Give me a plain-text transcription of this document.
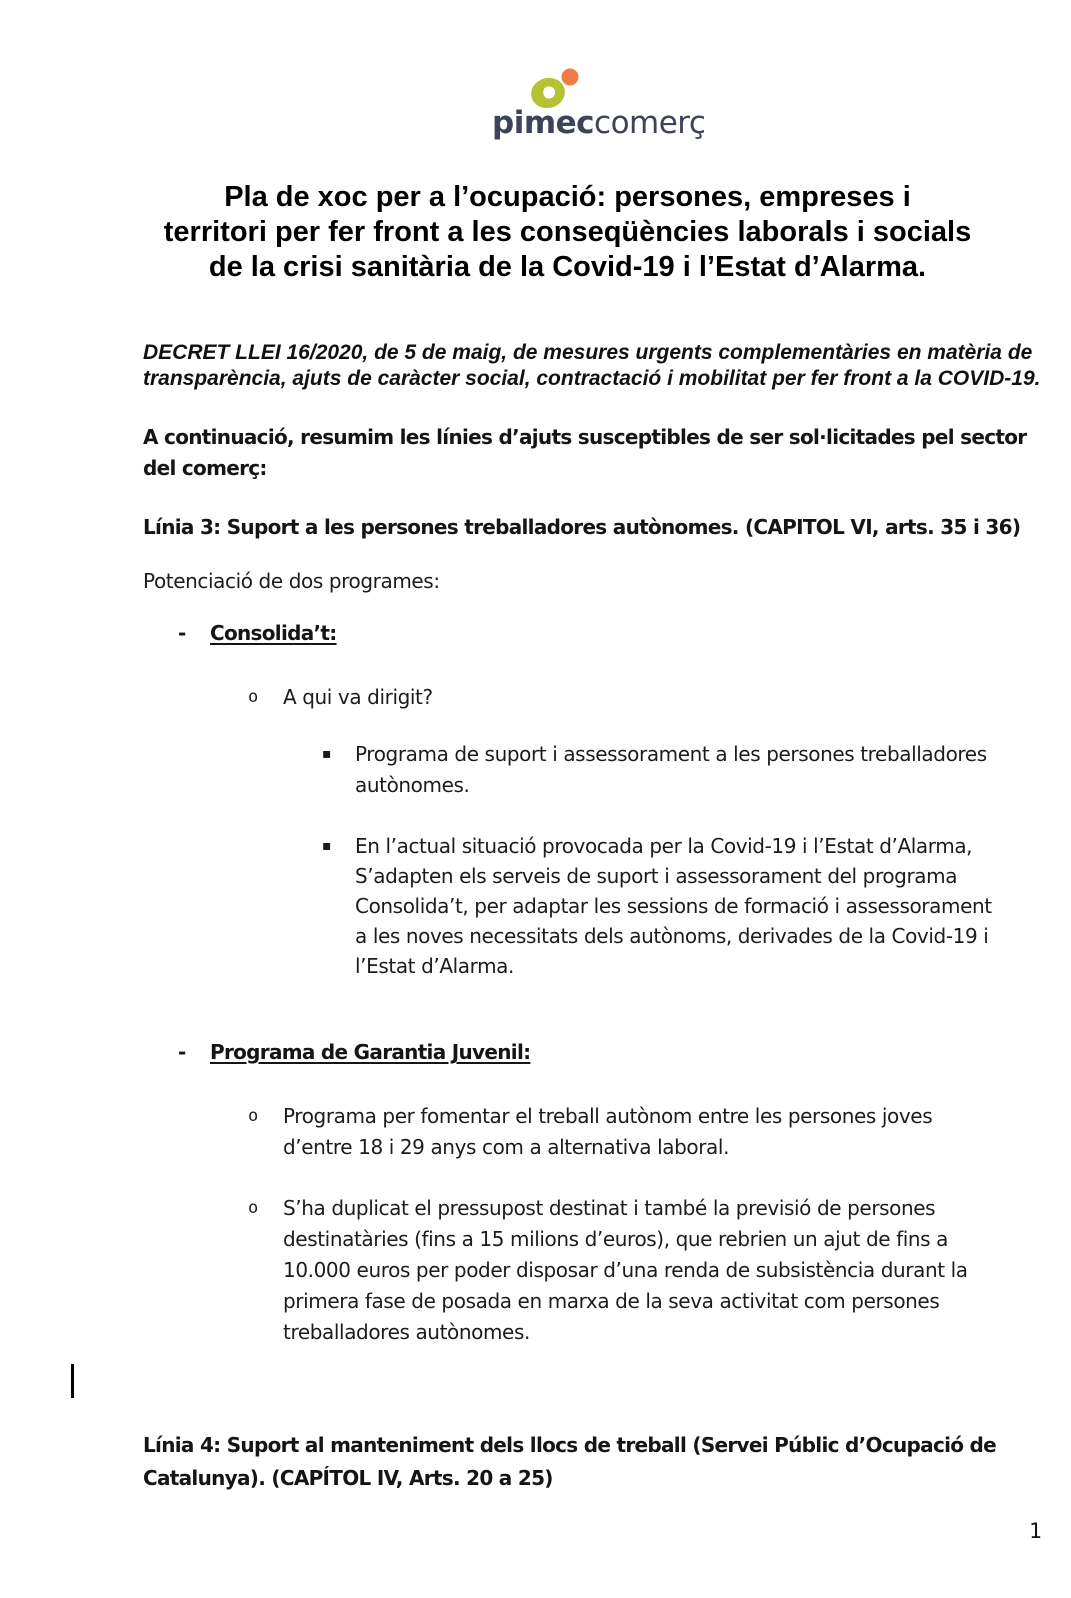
pimeccomerç
Pla de xoc per a l’ocupació: persones, empreses i
territori per fer front a les conseqüències laborals i socials
de la crisi sanitària de la Covid-19 i l’Estat d’Alarma.

DECRET LLEI 16/2020, de 5 de maig, de mesures urgents complementàries en matèria de
transparència, ajuts de caràcter social, contractació i mobilitat per fer front a la COVID-19.

A continuació, resumim les línies d’ajuts susceptibles de ser sol·licitades pel sector
del comerç:

Línia 3: Suport a les persones treballadores autònomes. (CAPITOL VI, arts. 35 i 36)

Potenciació de dos programes:

-	Consolida’t:
o	A qui va dirigit?
▪	Programa de suport i assessorament a les persones treballadores
autònomes.
▪	En l’actual situació provocada per la Covid-19 i l’Estat d’Alarma,
S’adapten els serveis de suport i assessorament del programa
Consolida’t, per adaptar les sessions de formació i assessorament
a les noves necessitats dels autònoms, derivades de la Covid-19 i
l’Estat d’Alarma.
-	Programa de Garantia Juvenil:
o	Programa per fomentar el treball autònom entre les persones joves
d’entre 18 i 29 anys com a alternativa laboral.
o	S’ha duplicat el pressupost destinat i també la previsió de persones
destinatàries (fins a 15 milions d’euros), que rebrien un ajut de fins a
10.000 euros per poder disposar d’una renda de subsistència durant la
primera fase de posada en marxa de la seva activitat com persones
treballadores autònomes.

Línia 4: Suport al manteniment dels llocs de treball (Servei Públic d’Ocupació de
Catalunya). (CAPÍTOL IV, Arts. 20 a 25)

1
